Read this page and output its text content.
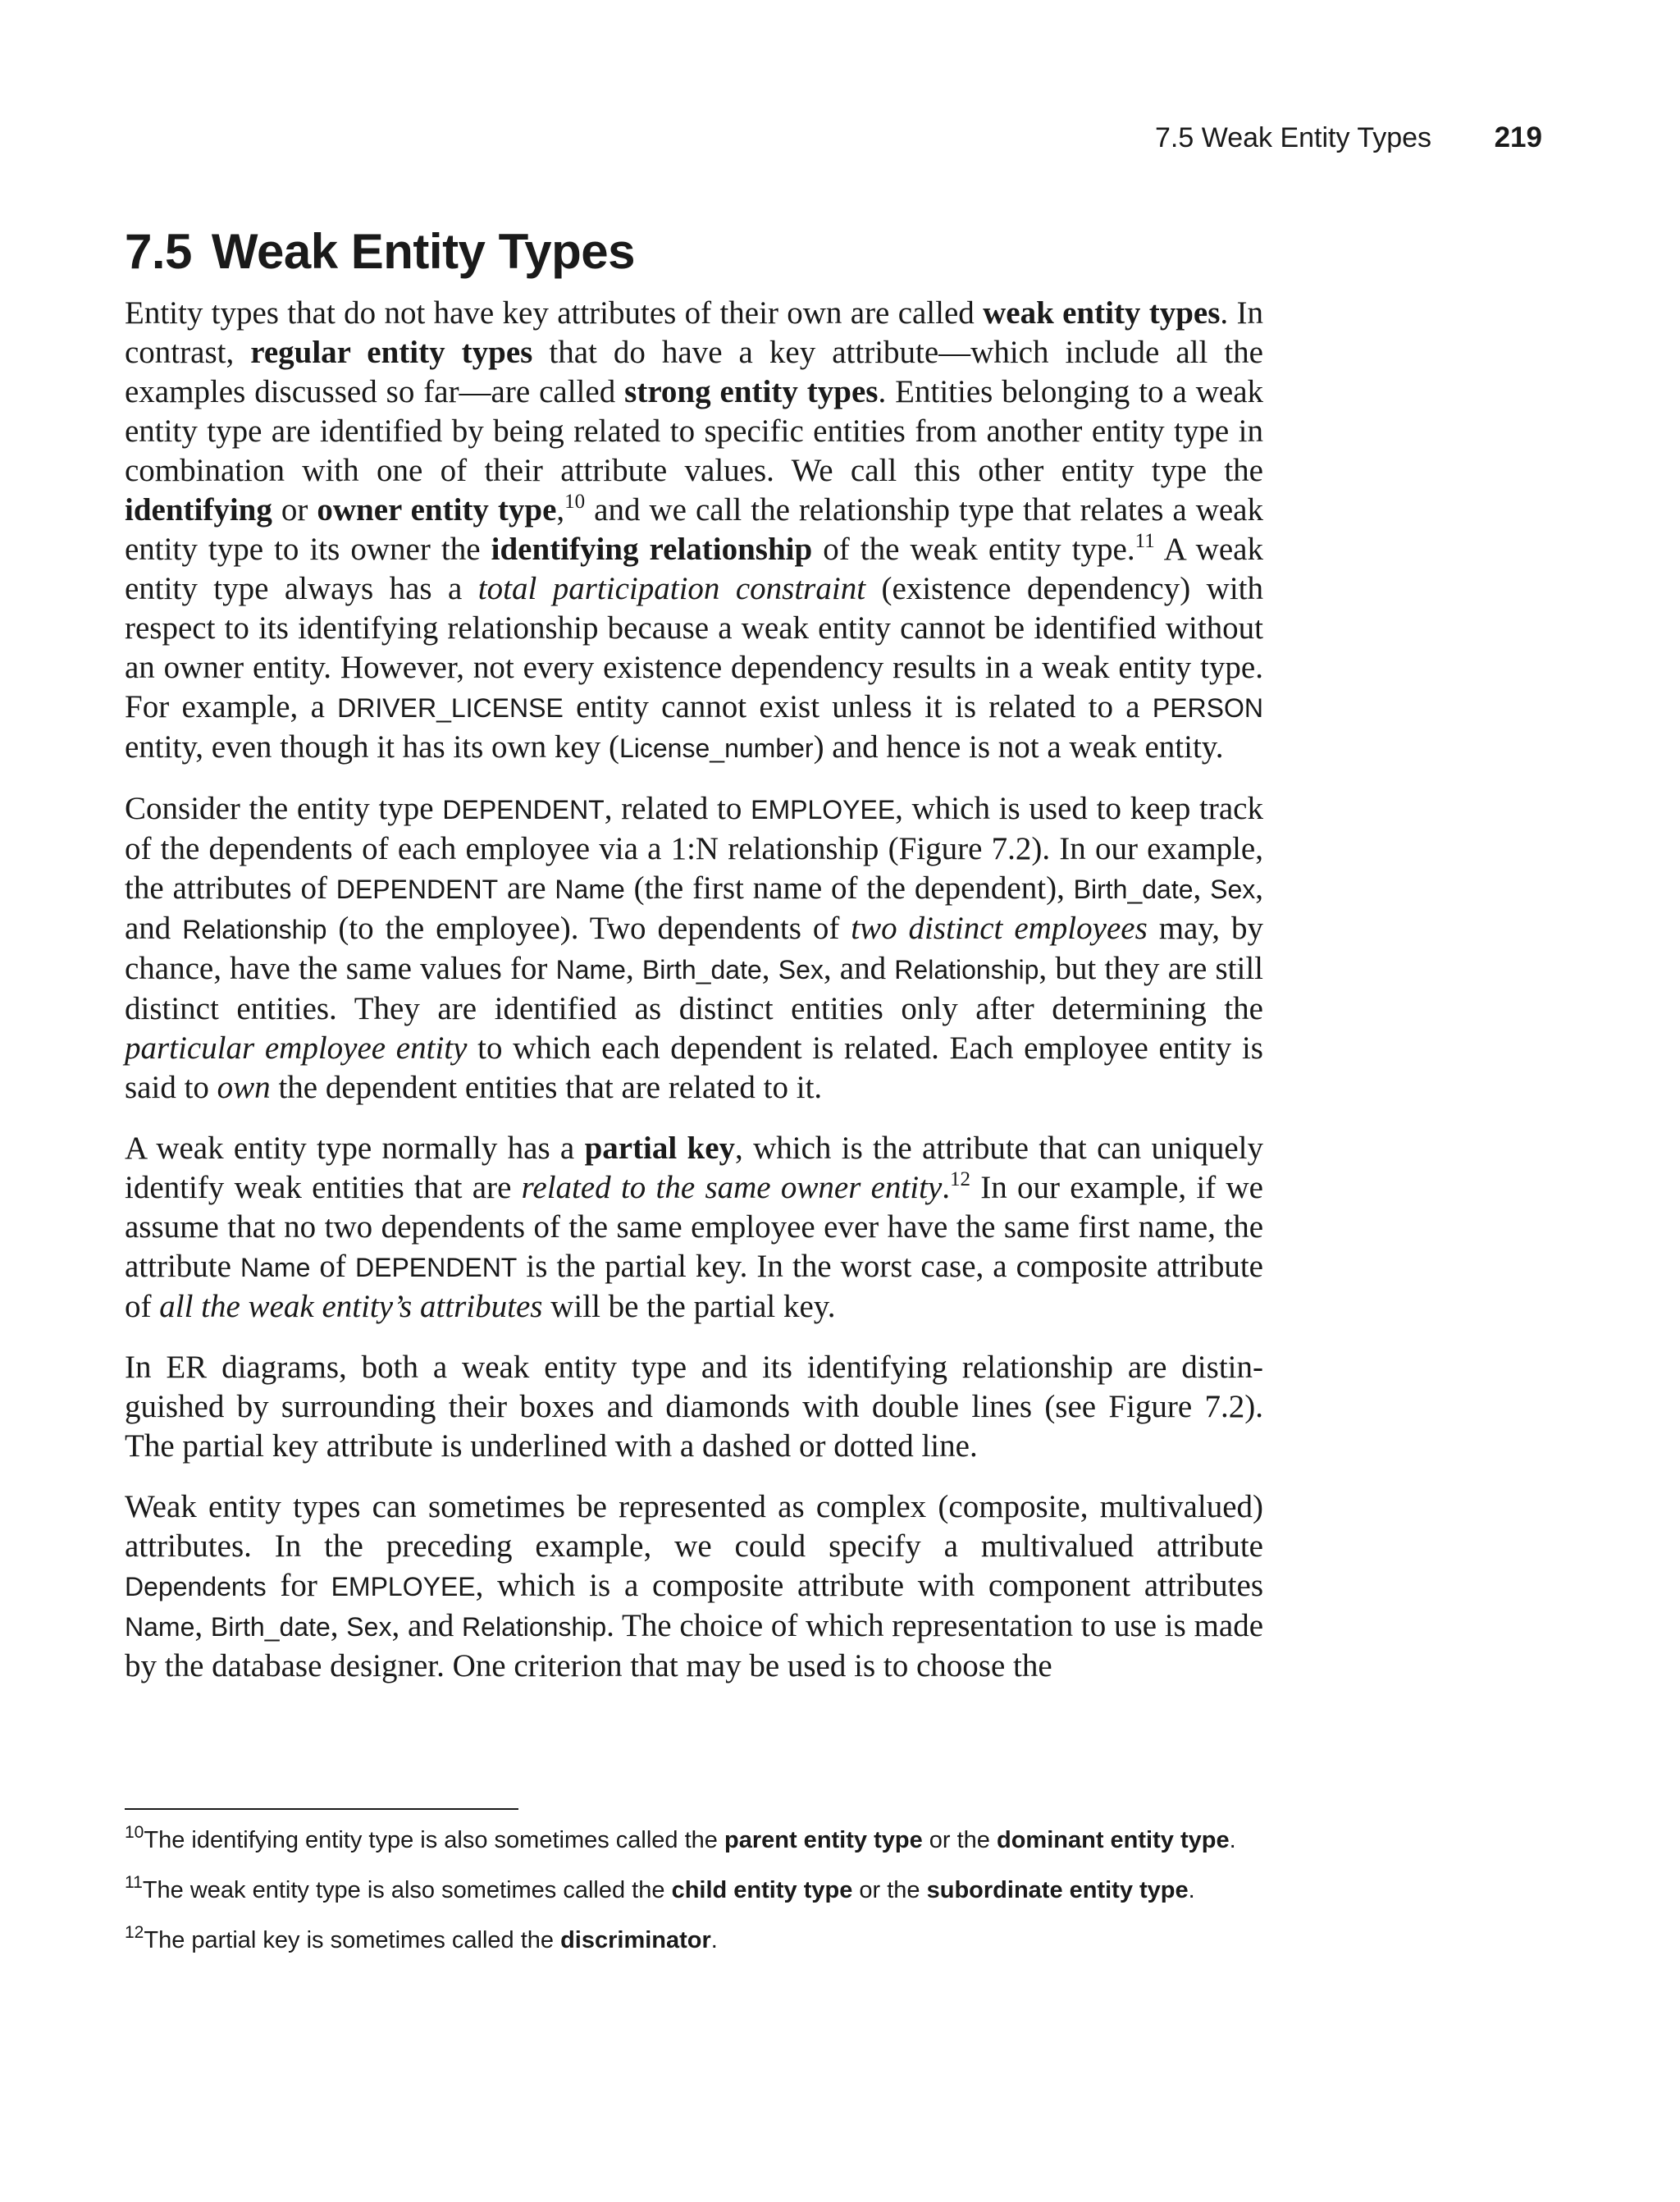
7.5 Weak Entity Types 219
7.5 Weak Entity Types

Entity types that do not have key attributes of their own are called weak entity types. In contrast, regular entity types that do have a key attribute—which include all the examples discussed so far—are called strong entity types. Entities belonging to a weak entity type are identified by being related to specific entities from another entity type in combination with one of their attribute values. We call this other entity type the identifying or owner entity type,$^{10}$ and we call the relationship type that relates a weak entity type to its owner the identifying relationship of the weak entity type.$^{11}$ A weak entity type always has a total participation constraint (existence dependency) with respect to its identifying relationship because a weak entity cannot be identified without an owner entity. However, not every existence dependency results in a weak entity type. For example, a DRIVER_LICENSE entity cannot exist unless it is related to a PERSON entity, even though it has its own key (License_number) and hence is not a weak entity.

Consider the entity type DEPENDENT, related to EMPLOYEE, which is used to keep track of the dependents of each employee via a 1:N relationship (Figure 7.2). In our example, the attributes of DEPENDENT are Name (the first name of the dependent), Birth_date, Sex, and Relationship (to the employee). Two dependents of two distinct employees may, by chance, have the same values for Name, Birth_date, Sex, and Relationship, but they are still distinct entities. They are identified as distinct entities only after determining the particular employee entity to which each dependent is related. Each employee entity is said to own the dependent entities that are related to it.

A weak entity type normally has a partial key, which is the attribute that can uniquely identify weak entities that are related to the same owner entity.$^{12}$ In our example, if we assume that no two dependents of the same employee ever have the same first name, the attribute Name of DEPENDENT is the partial key. In the worst case, a composite attribute of all the weak entity’s attributes will be the partial key.

In ER diagrams, both a weak entity type and its identifying relationship are distinguished by surrounding their boxes and diamonds with double lines (see Figure 7.2). The partial key attribute is underlined with a dashed or dotted line.

Weak entity types can sometimes be represented as complex (composite, multivalued) attributes. In the preceding example, we could specify a multivalued attribute Dependents for EMPLOYEE, which is a composite attribute with component attributes Name, Birth_date, Sex, and Relationship. The choice of which representation to use is made by the database designer. One criterion that may be used is to choose the

$^{10}$The identifying entity type is also sometimes called the parent entity type or the dominant entity type.

$^{11}$The weak entity type is also sometimes called the child entity type or the subordinate entity type.

$^{12}$The partial key is sometimes called the discriminator.
